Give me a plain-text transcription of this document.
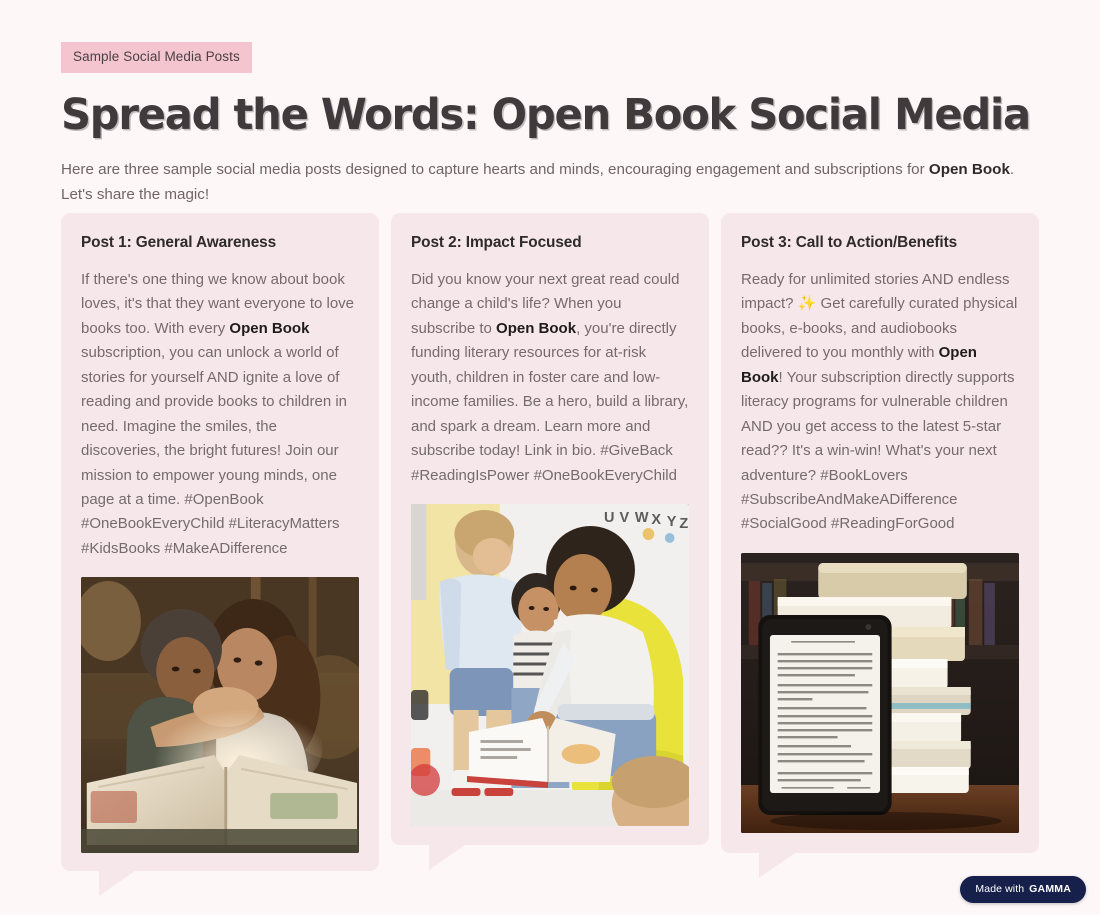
Sample Social Media Posts
Spread the Words: Open Book Social Media

Here are three sample social media posts designed to capture hearts and minds, encouraging engagement and subscriptions for Open Book. Let's share the magic!

Post 1: General Awareness
If there's one thing we know about book loves, it's that they want everyone to love books too. With every Open Book subscription, you can unlock a world of stories for yourself AND ignite a love of reading and provide books to children in need. Imagine the smiles, the discoveries, the bright futures! Join our mission to empower young minds, one page at a time. #OpenBook #OneBookEveryChild #LiteracyMatters #KidsBooks #MakeADifference
Post 2: Impact Focused
Did you know your next great read could change a child's life? When you subscribe to Open Book, you're directly funding literary resources for at-risk youth, children in foster care and low-income families. Be a hero, build a library, and spark a dream. Learn more and subscribe today! Link in bio. #GiveBack #ReadingIsPower #OneBookEveryChild
U V W X Y Z
Post 3: Call to Action/Benefits
Ready for unlimited stories AND endless impact? ✨ Get carefully curated physical books, e-books, and audiobooks delivered to you monthly with Open Book! Your subscription directly supports literacy programs for vulnerable children AND you get access to the latest 5-star read?? It's a win-win! What's your next adventure? #BookLovers #SubscribeAndMakeADifference #SocialGood #ReadingForGood
Made with GAMMA
